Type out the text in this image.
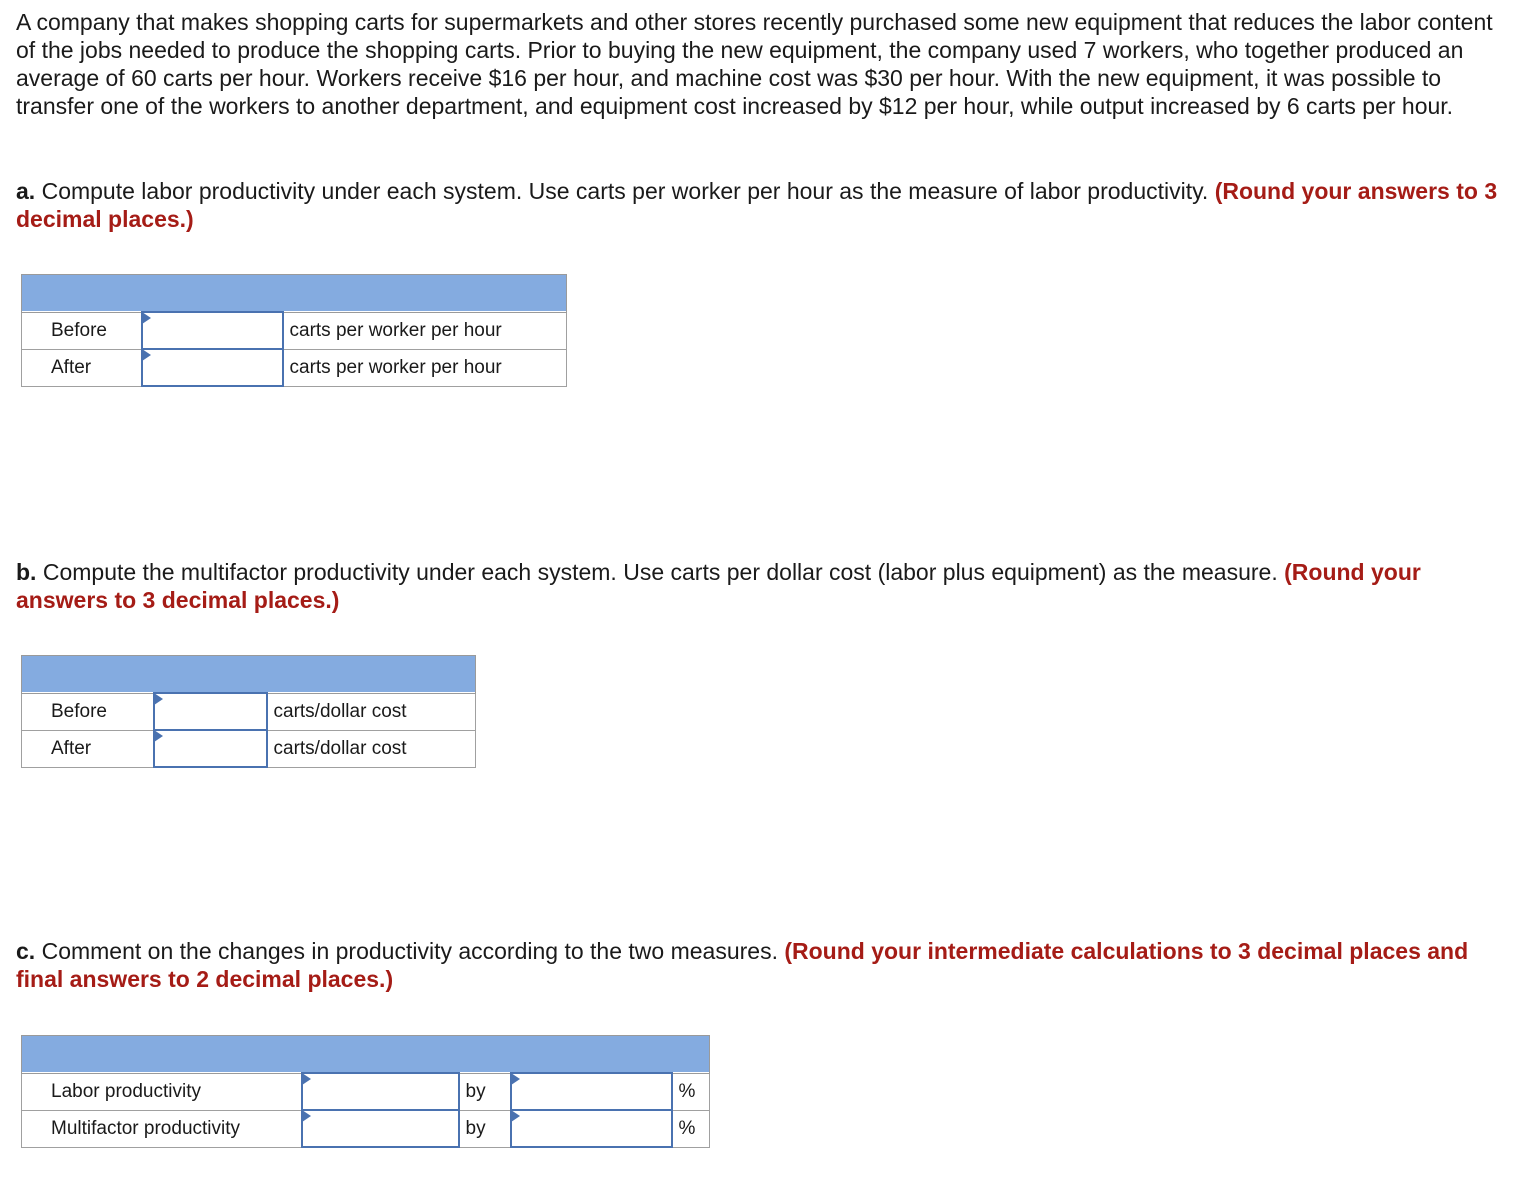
A company that makes shopping carts for supermarkets and other stores recently purchased some new equipment that reduces the labor content of the jobs needed to produce the shopping carts. Prior to buying the new equipment, the company used 7 workers, who together produced an average of 60 carts per hour. Workers receive $16 per hour, and machine cost was $30 per hour. With the new equipment, it was possible to transfer one of the workers to another department, and equipment cost increased by $12 per hour, while output increased by 6 carts per hour.

a. Compute labor productivity under each system. Use carts per worker per hour as the measure of labor productivity. (Round your answers to 3 decimal places.)

Before		carts per worker per hour
After		carts per worker per hour

b. Compute the multifactor productivity under each system. Use carts per dollar cost (labor plus equipment) as the measure. (Round your answers to 3 decimal places.)

Before		carts/dollar cost
After		carts/dollar cost

c. Comment on the changes in productivity according to the two measures. (Round your intermediate calculations to 3 decimal places and final answers to 2 decimal places.)

Labor productivity		by		%
Multifactor productivity		by		%
